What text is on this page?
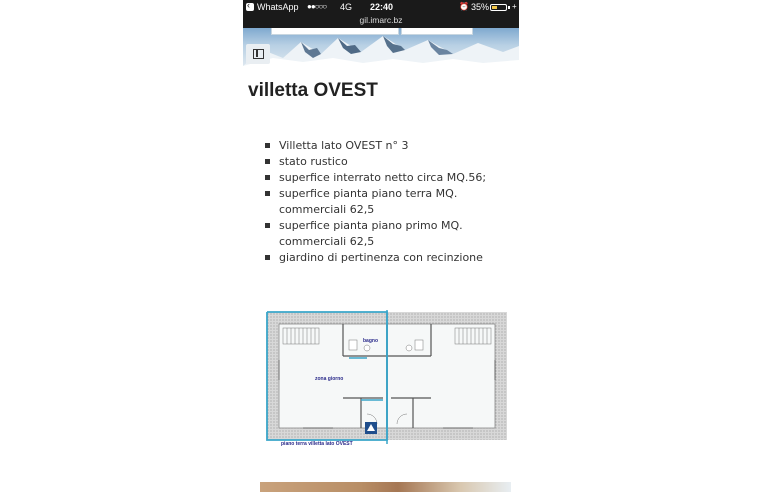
‹
WhatsApp ●●○○○ 4G 22:40	⏰ 35%	+
gil.imarc.bz
villetta OVEST
Villetta lato OVEST n° 3
stato rustico
superfice interrato netto circa MQ.56;
superfice pianta piano terra MQ. commerciali 62,5
superfice pianta piano primo MQ. commerciali 62,5
giardino di pertinenza con recinzione
bagno
zona giorno
piano terra villetta lato OVEST
